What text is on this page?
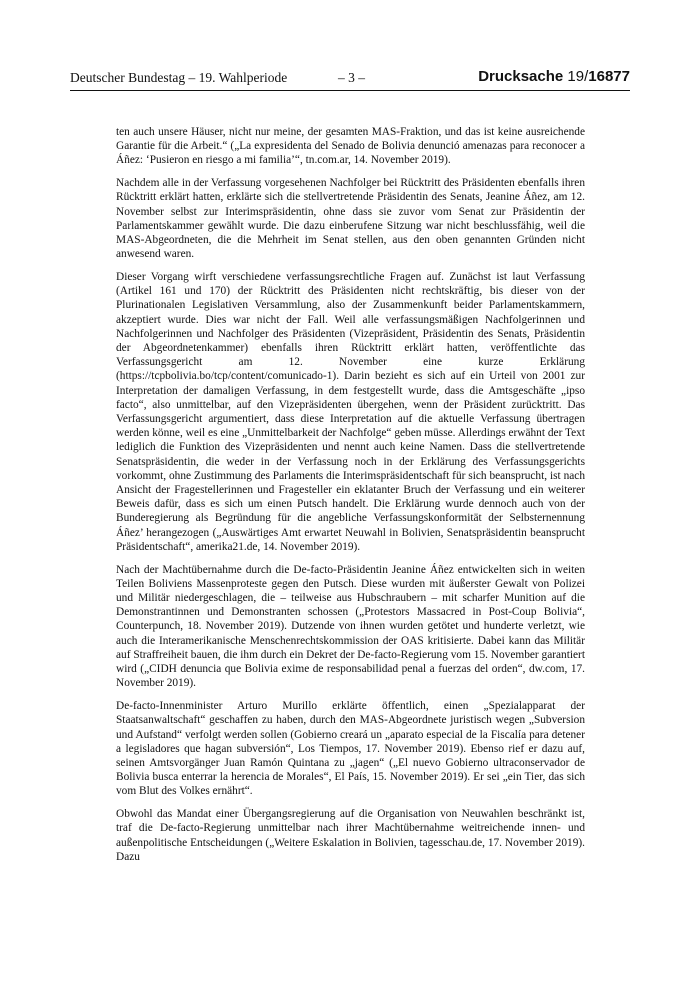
Deutscher Bundestag – 19. Wahlperiode	– 3 –	Drucksache 19/16877

ten auch unsere Häuser, nicht nur meine, der gesamten MAS-Fraktion, und das ist keine ausreichende Garantie für die Arbeit.“ („La expresidenta del Senado de Bolivia denunció amenazas para reconocer a Áñez: ‘Pusieron en riesgo a mi familia’“, tn.com.ar, 14. November 2019).

Nachdem alle in der Verfassung vorgesehenen Nachfolger bei Rücktritt des Präsidenten ebenfalls ihren Rücktritt erklärt hatten, erklärte sich die stellvertretende Präsidentin des Senats, Jeanine Áñez, am 12. November selbst zur Interimspräsidentin, ohne dass sie zuvor vom Senat zur Präsidentin der Parlamentskammer gewählt wurde. Die dazu einberufene Sitzung war nicht beschlussfähig, weil die MAS-Abgeordneten, die die Mehrheit im Senat stellen, aus den oben genannten Gründen nicht anwesend waren.

Dieser Vorgang wirft verschiedene verfassungsrechtliche Fragen auf. Zunächst ist laut Verfassung (Artikel 161 und 170) der Rücktritt des Präsidenten nicht rechtskräftig, bis dieser von der Plurinationalen Legislativen Versammlung, also der Zusammenkunft beider Parlamentskammern, akzeptiert wurde. Dies war nicht der Fall. Weil alle verfassungsmäßigen Nachfolgerinnen und Nachfolgerinnen und Nachfolger des Präsidenten (Vizepräsident, Präsidentin des Senats, Präsidentin der Abgeordnetenkammer) ebenfalls ihren Rücktritt erklärt hatten, veröffentlichte das Verfassungsgericht am 12. November eine kurze Erklärung (https://tcpbolivia.bo/tcp/content/comunicado-1). Darin bezieht es sich auf ein Urteil von 2001 zur Interpretation der damaligen Verfassung, in dem festgestellt wurde, dass die Amtsgeschäfte „ipso facto“, also unmittelbar, auf den Vizepräsidenten übergehen, wenn der Präsident zurücktritt. Das Verfassungsgericht argumentiert, dass diese Interpretation auf die aktuelle Verfassung übertragen werden könne, weil es eine „Unmittelbarkeit der Nachfolge“ geben müsse. Allerdings erwähnt der Text lediglich die Funktion des Vizepräsidenten und nennt auch keine Namen. Dass die stellvertretende Senatspräsidentin, die weder in der Verfassung noch in der Erklärung des Verfassungsgerichts vorkommt, ohne Zustimmung des Parlaments die Interimspräsidentschaft für sich beansprucht, ist nach Ansicht der Fragestellerinnen und Fragesteller ein eklatanter Bruch der Verfassung und ein weiterer Beweis dafür, dass es sich um einen Putsch handelt. Die Erklärung wurde dennoch auch von der Bunderegierung als Begründung für die angebliche Verfassungskonformität der Selbsternennung Áñez’ herangezogen („Auswärtiges Amt erwartet Neuwahl in Bolivien, Senatspräsidentin beansprucht Präsidentschaft“, amerika21.de, 14. November 2019).

Nach der Machtübernahme durch die De-facto-Präsidentin Jeanine Áñez entwickelten sich in weiten Teilen Boliviens Massenproteste gegen den Putsch. Diese wurden mit äußerster Gewalt von Polizei und Militär niedergeschlagen, die – teilweise aus Hubschraubern – mit scharfer Munition auf die Demonstrantinnen und Demonstranten schossen („Protestors Massacred in Post-Coup Bolivia“, Counterpunch, 18. November 2019). Dutzende von ihnen wurden getötet und hunderte verletzt, wie auch die Interamerikanische Menschenrechtskommission der OAS kritisierte. Dabei kann das Militär auf Straffreiheit bauen, die ihm durch ein Dekret der De-facto-Regierung vom 15. November garantiert wird („CIDH denuncia que Bolivia exime de responsabilidad penal a fuerzas del orden“, dw.com, 17. November 2019).

De-facto-Innenminister Arturo Murillo erklärte öffentlich, einen „Spezialapparat der Staatsanwaltschaft“ geschaffen zu haben, durch den MAS-Abgeordnete juristisch wegen „Subversion und Aufstand“ verfolgt werden sollen (Gobierno creará un „aparato especial de la Fiscalía para detener a legisladores que hagan subversión“, Los Tiempos, 17. November 2019). Ebenso rief er dazu auf, seinen Amtsvorgänger Juan Ramón Quintana zu „jagen“ („El nuevo Gobierno ultraconservador de Bolivia busca enterrar la herencia de Morales“, El País, 15. November 2019). Er sei „ein Tier, das sich vom Blut des Volkes ernährt“.

Obwohl das Mandat einer Übergangsregierung auf die Organisation von Neuwahlen beschränkt ist, traf die De-facto-Regierung unmittelbar nach ihrer Machtübernahme weitreichende innen- und außenpolitische Entscheidungen („Weitere Eskalation in Bolivien, tagesschau.de, 17. November 2019). Dazu
